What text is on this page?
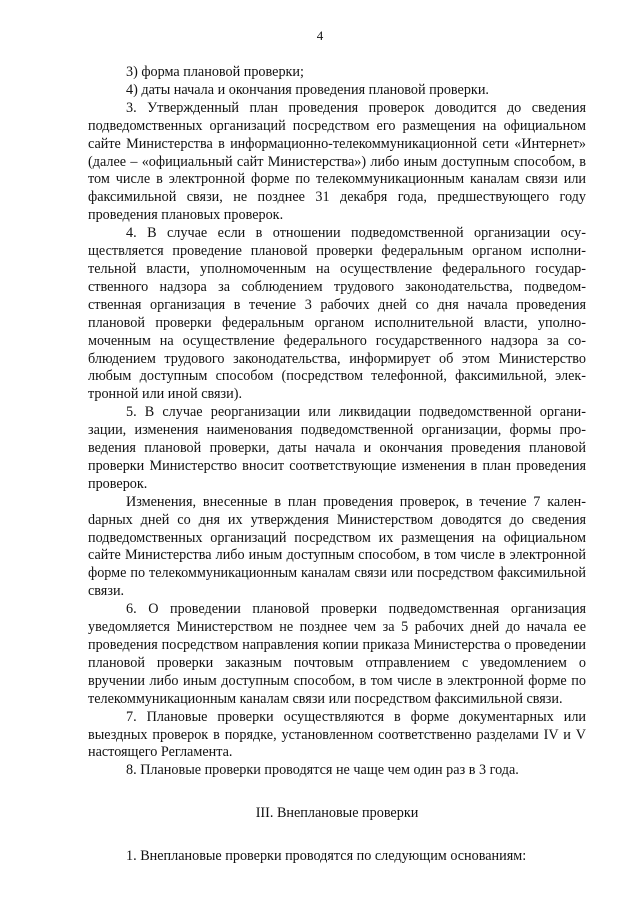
4

3) форма плановой проверки;

4) даты начала и окончания проведения плановой проверки.

3. Утвержденный план проведения проверок доводится до сведения подведомственных организаций посредством его размещения на официальном сайте Министерства в информационно-телекоммуникационной сети «Интернет» (далее – «официальный сайт Министерства») либо иным доступным способом, в том числе в электронной форме по телекоммуникационным каналам связи или факсимильной связи, не позднее 31 декабря года, предшествующего году проведения плановых проверок.

4. В случае если в отношении подведомственной организации осуществляется проведение плановой проверки федеральным органом исполнительной власти, уполномоченным на осуществление федерального государственного надзора за соблюдением трудового законодательства, подведомственная организация в течение 3 рабочих дней со дня начала проведения плановой проверки федеральным органом исполнительной власти, уполномоченным на осуществление федерального государственного надзора за соблюдением трудового законодательства, информирует об этом Министерство любым доступным способом (посредством телефонной, факсимильной, электронной или иной связи).

5. В случае реорганизации или ликвидации подведомственной организации, изменения наименования подведомственной организации, формы проведения плановой проверки, даты начала и окончания проведения плановой проверки Министерство вносит соответствующие изменения в план проведения проверок.

Изменения, внесенные в план проведения проверок, в течение 7 каленdарных дней со дня их утверждения Министерством доводятся до сведения подведомственных организаций посредством их размещения на официальном сайте Министерства либо иным доступным способом, в том числе в электронной форме по телекоммуникационным каналам связи или посредством факсимильной связи.

6. О проведении плановой проверки подведомственная организация уведомляется Министерством не позднее чем за 5 рабочих дней до начала ее проведения посредством направления копии приказа Министерства о проведении плановой проверки заказным почтовым отправлением с уведомлением о вручении либо иным доступным способом, в том числе в электронной форме по телекоммуникационным каналам связи или посредством факсимильной связи.

7. Плановые проверки осуществляются в форме документарных или выездных проверок в порядке, установленном соответственно разделами IV и V настоящего Регламента.

8. Плановые проверки проводятся не чаще чем один раз в 3 года.

III. Внеплановые проверки

1. Внеплановые проверки проводятся по следующим основаниям:
